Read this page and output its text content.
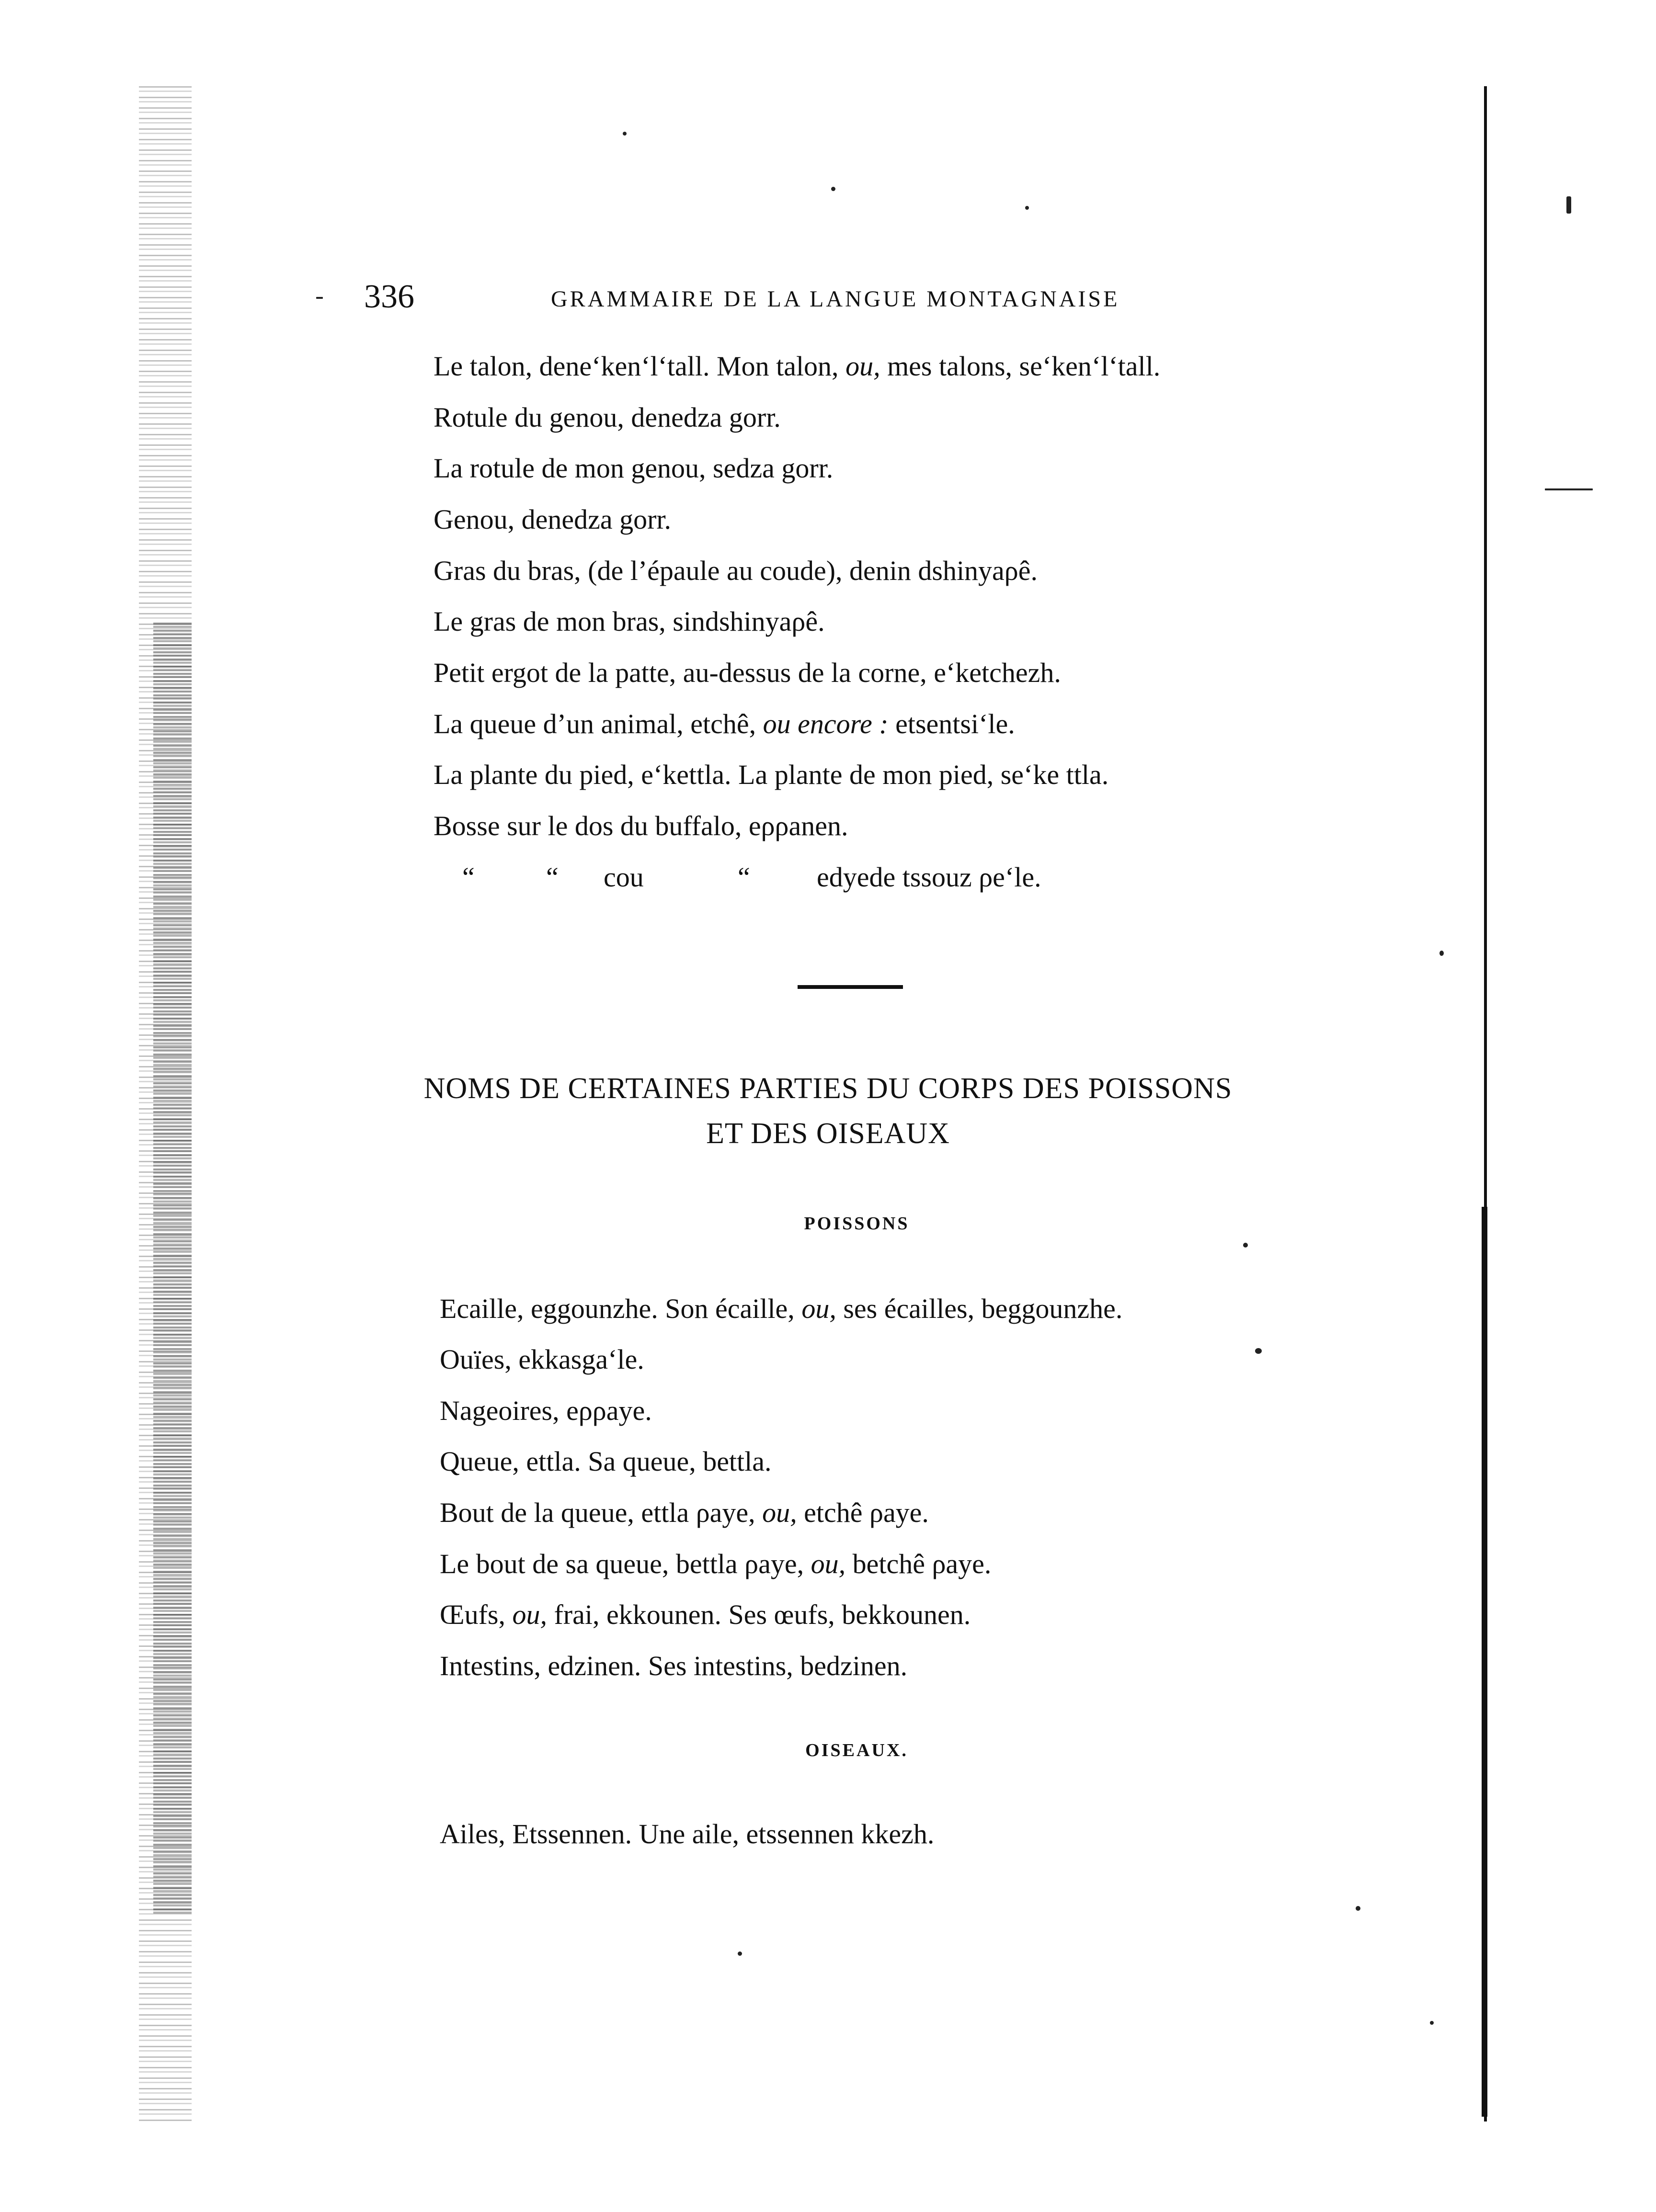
336	GRAMMAIRE DE LA LANGUE MONTAGNAISE
Le talon, dene‘ken‘l‘tall. Mon talon, ou, mes talons, se‘ken‘l‘tall.
Rotule du genou, denedza gorr.
La rotule de mon genou, sedza gorr.
Genou, denedza gorr.
Gras du bras, (de l’épaule au coude), denin dshinyaρê.
Le gras de mon bras, sindshinyaρê.
Petit ergot de la patte, au-dessus de la corne, e‘ketchezh.
La queue d’un animal, etchê, ou encore : etsentsi‘le.
La plante du pied, e‘kettla. La plante de mon pied, se‘ke ttla.
Bosse sur le dos du buffalo, eρρanen.
“	“ cou	“ edyede tssouz ρe‘le.
NOMS DE CERTAINES PARTIES DU CORPS DES POISSONS
ET DES OISEAUX
POISSONS
Ecaille, eggounzhe. Son écaille, ou, ses écailles, beggounzhe.
Ouïes, ekkasga‘le.
Nageoires, eρρaye.
Queue, ettla. Sa queue, bettla.
Bout de la queue, ettla ρaye, ou, etchê ρaye.
Le bout de sa queue, bettla ρaye, ou, betchê ρaye.
Œufs, ou, frai, ekkounen. Ses œufs, bekkounen.
Intestins, edzinen. Ses intestins, bedzinen.
OISEAUX.
Ailes, Etssennen. Une aile, etssennen kkezh.
